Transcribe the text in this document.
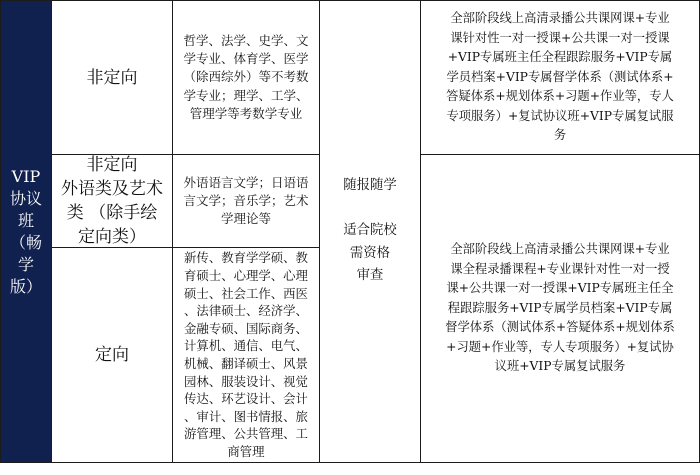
VIP
协议
班
（畅
学
版）
非定向
哲学、法学、史学、文
学专业、体育学、医学
（除西综外）等不考数
学专业；理学、工学、
管理学等考数学专业
非定向
外语类及艺术
类 （除手绘
定向类）
外语语言文学；日语语
言文学；音乐学；艺术
学理论等
定向
新传、教育学学硕、教
育硕士、心理学、心理
硕士、社会工作、西医
、法律硕士、经济学、
金融专硕、国际商务、
计算机、通信、电气、
机械、翻译硕士、风景
园林、服装设计、视觉
传达、环艺设计、会计
、审计、图书情报、旅
游管理、公共管理、工
商管理
随报随学

适合院校
需资格
审查
全部阶段线上高清录播公共课网课+专业
课针对性一对一授课+公共课一对一授课
+VIP专属班主任全程跟踪服务+VIP专属
学员档案+VIP专属督学体系（测试体系+
答疑体系+规划体系+习题+作业等，专人
专项服务）+复试协议班+VIP专属复试服
务
全部阶段线上高清录播公共课网课+专业
课全程录播课程+专业课针对性一对一授
课+公共课一对一授课+VIP专属班主任全
程跟踪服务+VIP专属学员档案+VIP专属
督学体系（测试体系+答疑体系+规划体系
+习题+作业等，专人专项服务）+复试协
议班+VIP专属复试服务
